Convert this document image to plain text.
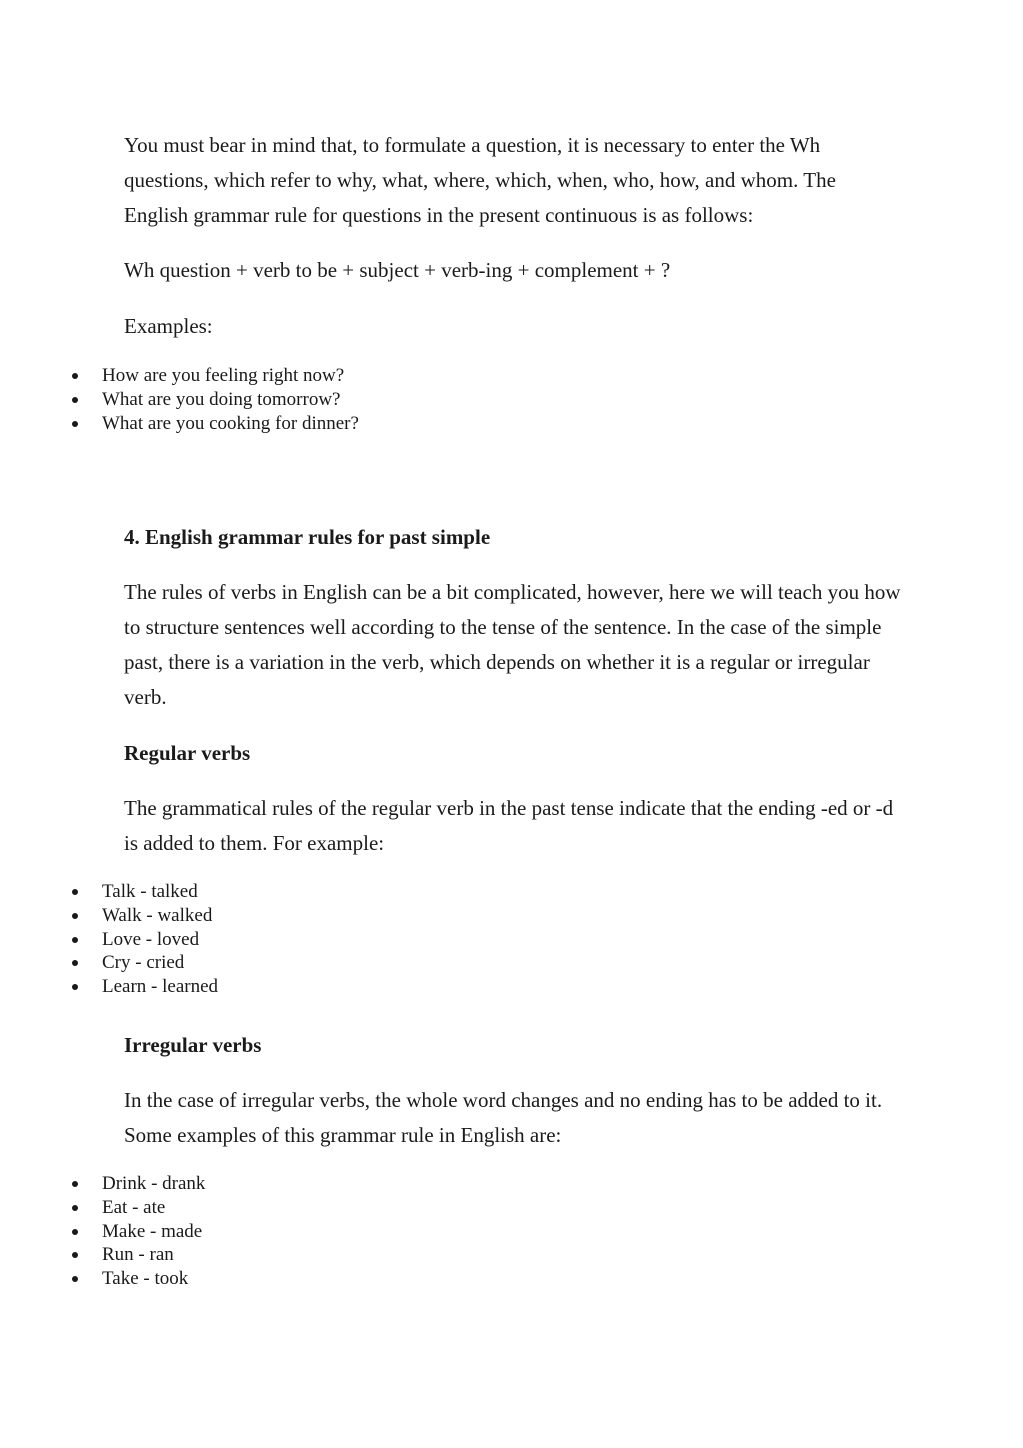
You must bear in mind that, to formulate a question, it is necessary to enter the Wh questions, which refer to why, what, where, which, when, who, how, and whom. The English grammar rule for questions in the present continuous is as follows:

Wh question + verb to be + subject + verb-ing + complement + ?

Examples:

How are you feeling right now?
What are you doing tomorrow?
What are you cooking for dinner?
4. English grammar rules for past simple

The rules of verbs in English can be a bit complicated, however, here we will teach you how to structure sentences well according to the tense of the sentence. In the case of the simple past, there is a variation in the verb, which depends on whether it is a regular or irregular verb.

Regular verbs

The grammatical rules of the regular verb in the past tense indicate that the ending -ed or -d is added to them. For example:

Talk - talked
Walk - walked
Love - loved
Cry - cried
Learn - learned
Irregular verbs

In the case of irregular verbs, the whole word changes and no ending has to be added to it. Some examples of this grammar rule in English are:

Drink - drank
Eat - ate
Make - made
Run - ran
Take - took
